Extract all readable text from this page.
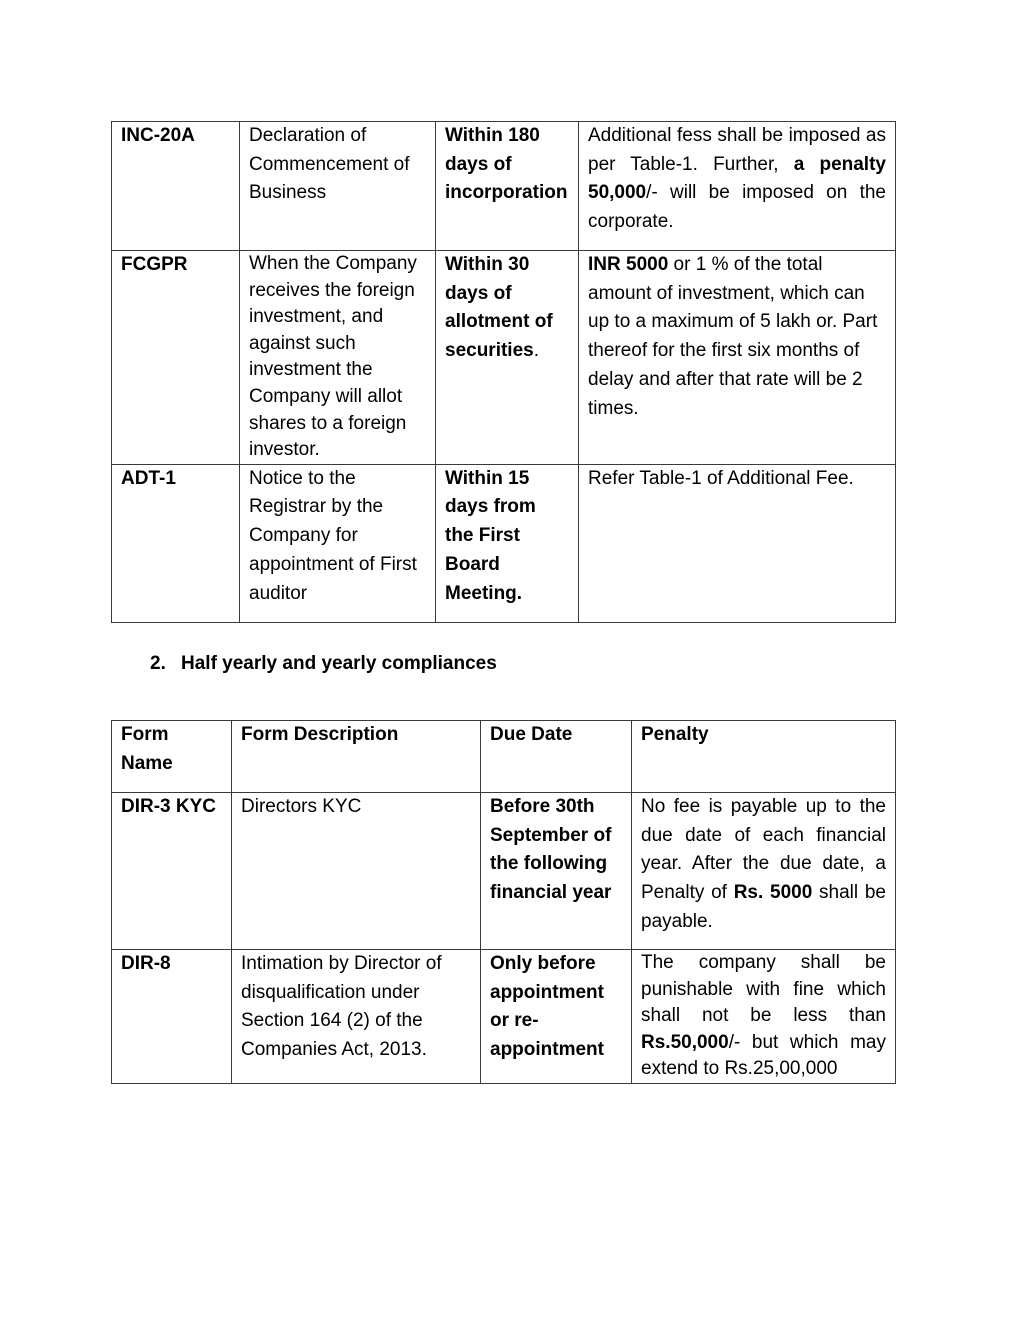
INC-20A	Declaration of Commencement of Business	Within 180 days of incorporation	Additional fess shall be imposed as per Table-1. Further, a penalty 50,000/- will be imposed on the corporate.
FCGPR	When the Company receives the foreign investment, and against such investment the Company will allot shares to a foreign investor.	Within 30 days of allotment of securities.	INR 5000 or 1 % of the total amount of investment, which can up to a maximum of 5 lakh or. Part thereof for the first six months of delay and after that rate will be 2 times.
ADT-1	Notice to the Registrar by the Company for appointment of First auditor	Within 15 days from the First Board Meeting.	Refer Table-1 of Additional Fee.
2. Half yearly and yearly compliances
Form Name	Form Description	Due Date	Penalty
DIR-3 KYC	Directors KYC	Before 30th September of the following financial year	No fee is payable up to the due date of each financial year. After the due date, a Penalty of Rs. 5000 shall be payable.
DIR-8	Intimation by Director of disqualification under Section 164 (2) of the Companies Act, 2013.	Only before appointment or re-appointment	The company shall be punishable with fine which shall not be less than Rs.50,000/- but which may extend to Rs.25,00,000
